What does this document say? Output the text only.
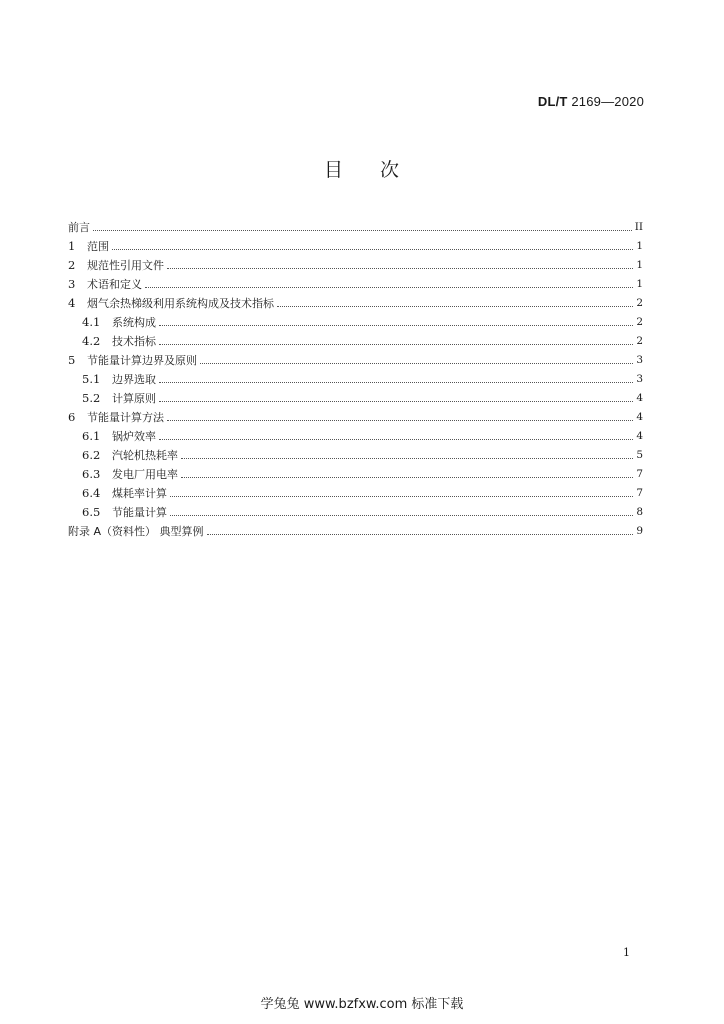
DL/T 2169—2020
目 次
前言	II
1	范围	1
2	规范性引用文件	1
3	术语和定义	1
4	烟气余热梯级利用系统构成及技术指标	2
4.1	系统构成	2
4.2	技术指标	2
5	节能量计算边界及原则	3
5.1	边界选取	3
5.2	计算原则	4
6	节能量计算方法	4
6.1	锅炉效率	4
6.2	汽轮机热耗率	5
6.3	发电厂用电率	7
6.4	煤耗率计算	7
6.5	节能量计算	8
附录 A（资料性） 典型算例	9
1
学兔兔 www.bzfxw.com 标准下载
